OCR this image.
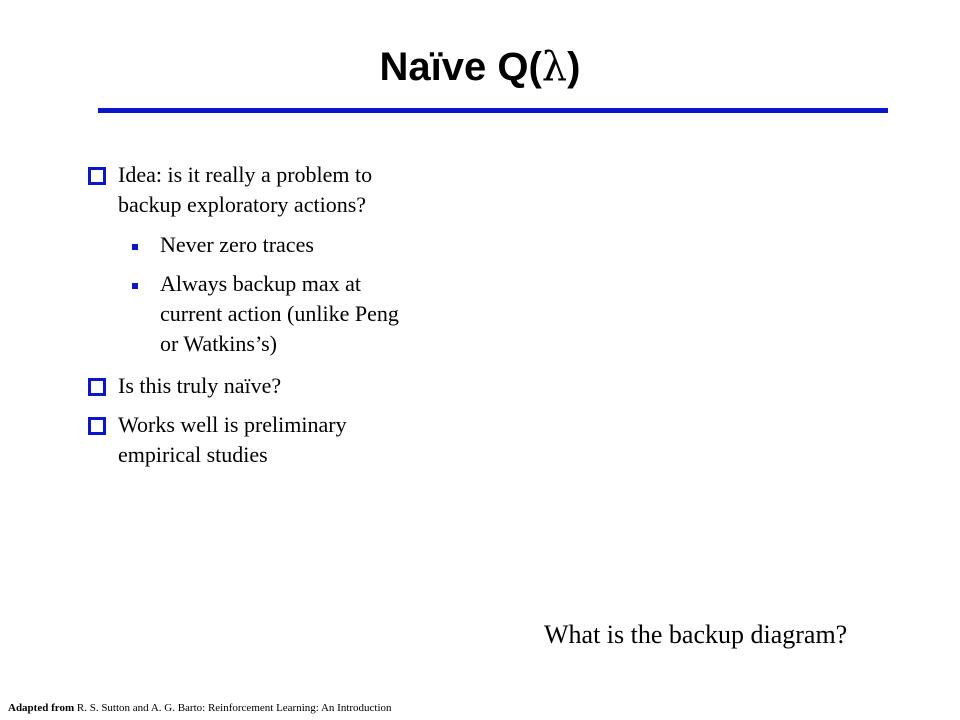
Naïve Q(λ)
Idea: is it really a problem to
backup exploratory actions?
Never zero traces
Always backup max at
current action (unlike Peng
or Watkins’s)
Is this truly naïve?
Works well is preliminary
empirical studies
What is the backup diagram?
Adapted from R. S. Sutton and A. G. Barto: Reinforcement Learning: An Introduction
